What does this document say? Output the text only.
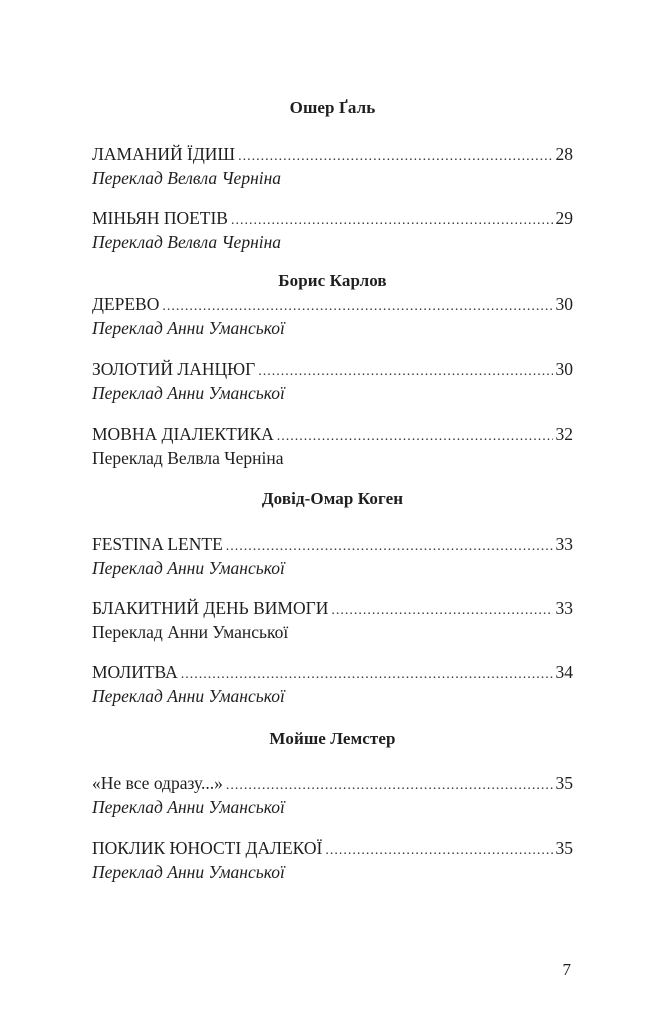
Ошер Ґаль
ЛАМАНИЙ ЇДИШ .....	28
Переклад Велвла Черніна
МІНЬЯН ПОЕТІВ .....	29
Переклад Велвла Черніна
Борис Карлов
ДЕРЕВО .....	30
Переклад Анни Уманської
ЗОЛОТИЙ ЛАНЦЮГ .....	30
Переклад Анни Уманської
МОВНА ДІАЛЕКТИКА .....	32
Переклад Велвла Черніна
Довід-Омар Коген
FESTINA LENTE .....	33
Переклад Анни Уманської
БЛАКИТНИЙ ДЕНЬ ВИМОГИ .....	33
Переклад Анни Уманської
МОЛИТВА .....	34
Переклад Анни Уманської
Мойше Лемстер
«Не все одразу...» .....	35
Переклад Анни Уманської
ПОКЛИК ЮНОСТІ ДАЛЕКОЇ .....	35
Переклад Анни Уманської
7
